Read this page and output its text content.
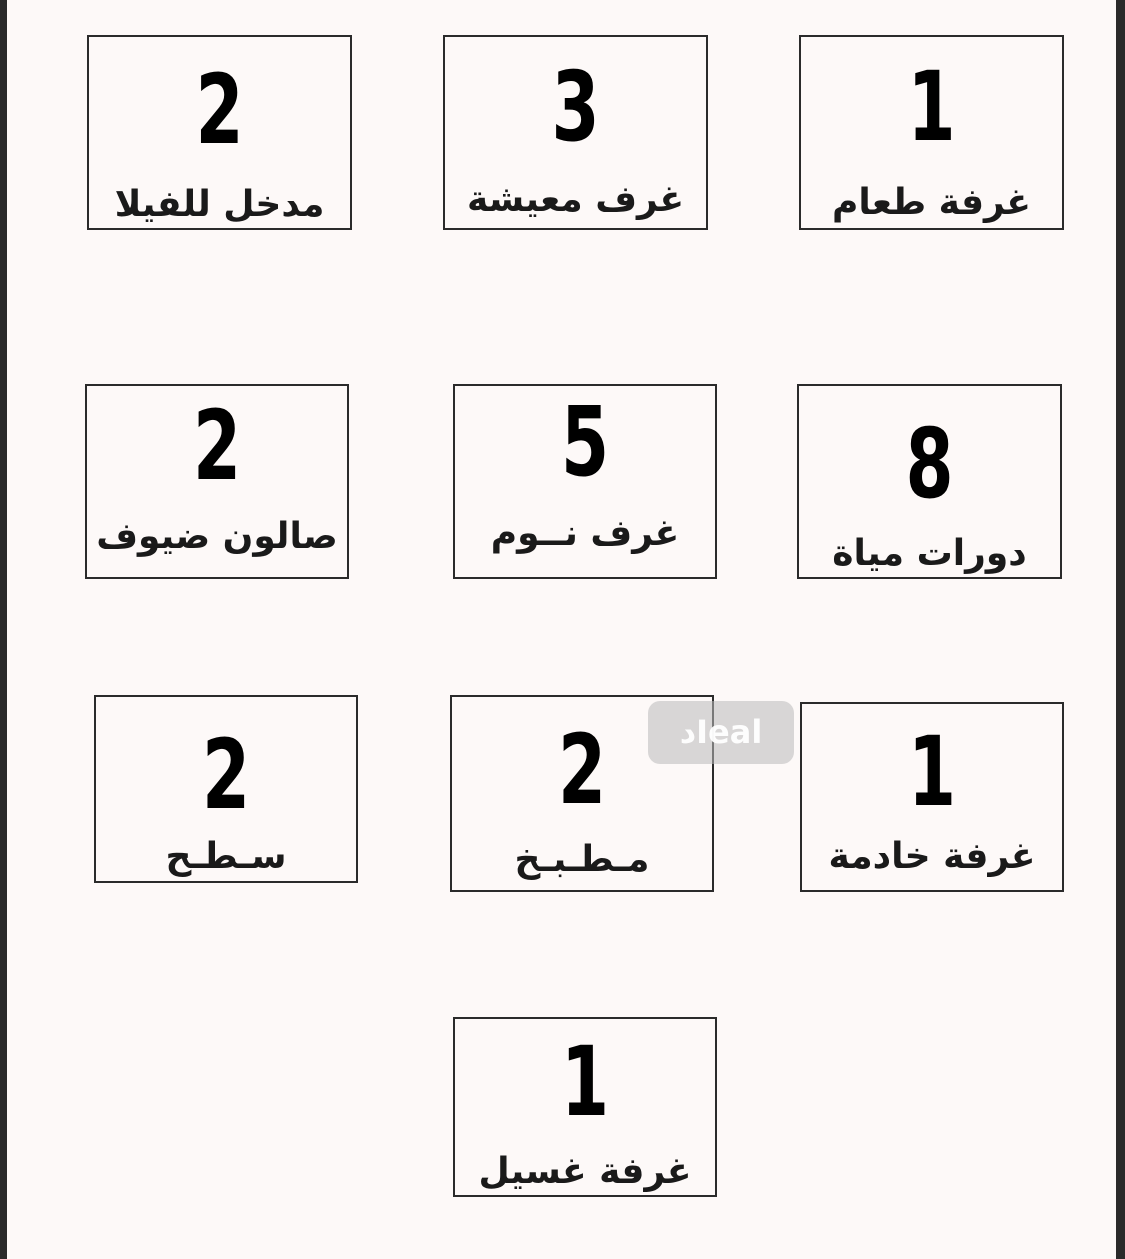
2
مدخل للفيلا
3
غرف معيشة
1
غرفة طعام
2
صالون ضيوف
5
غرف نــوم
8
دورات مياة
2
سـطـح
2
مـطـبـخ
1
غرفة خادمة
1
غرفة غسيل
دIeal
